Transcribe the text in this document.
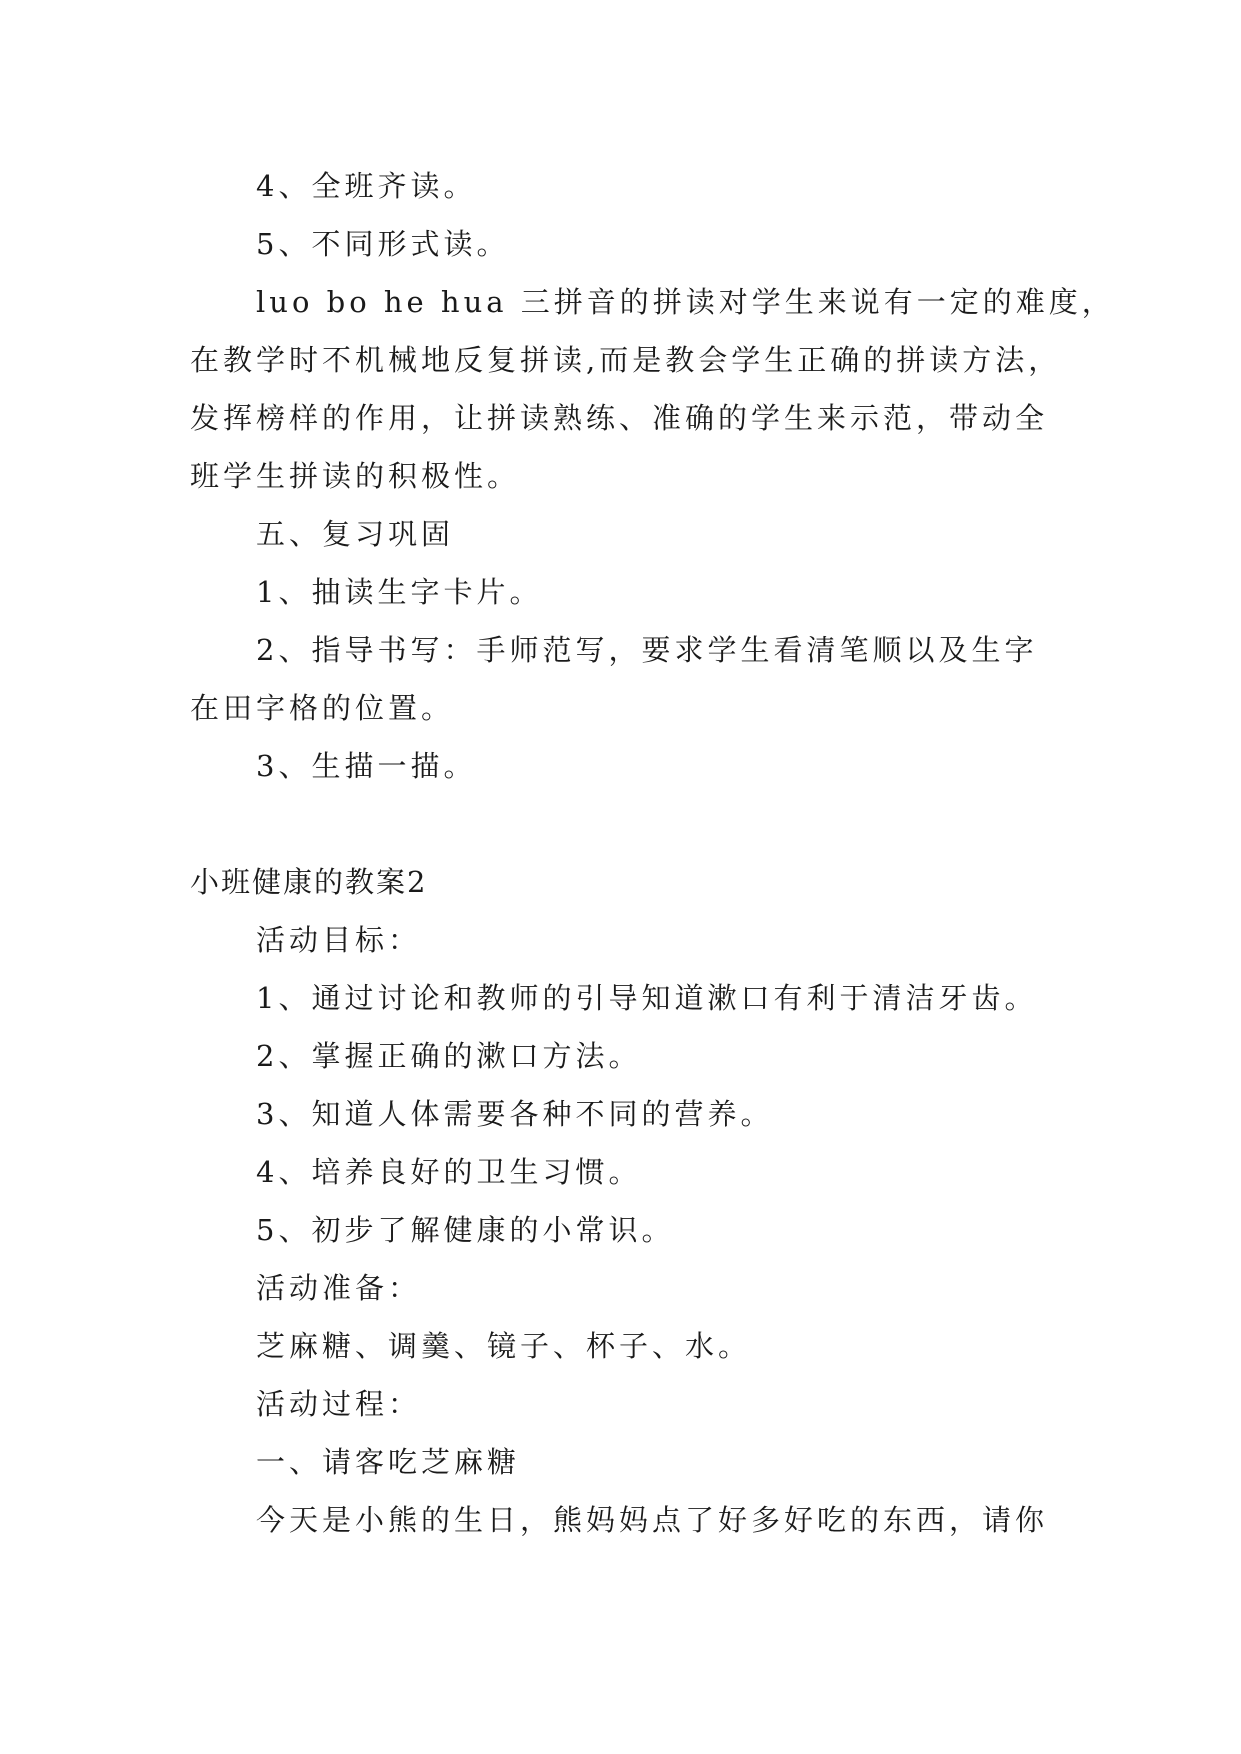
4、全班齐读。
5、不同形式读。
luo bo he hua 三拼音的拼读对学生来说有一定的难度，
在教学时不机械地反复拼读,而是教会学生正确的拼读方法，
发挥榜样的作用，让拼读熟练、准确的学生来示范，带动全
班学生拼读的积极性。
五、复习巩固
1、抽读生字卡片。
2、指导书写：手师范写，要求学生看清笔顺以及生字
在田字格的位置。
3、生描一描。
小班健康的教案2
活动目标：
1、通过讨论和教师的引导知道漱口有利于清洁牙齿。
2、掌握正确的漱口方法。
3、知道人体需要各种不同的营养。
4、培养良好的卫生习惯。
5、初步了解健康的小常识。
活动准备：
芝麻糖、调羹、镜子、杯子、水。
活动过程：
一、请客吃芝麻糖
今天是小熊的生日，熊妈妈点了好多好吃的东西，请你
